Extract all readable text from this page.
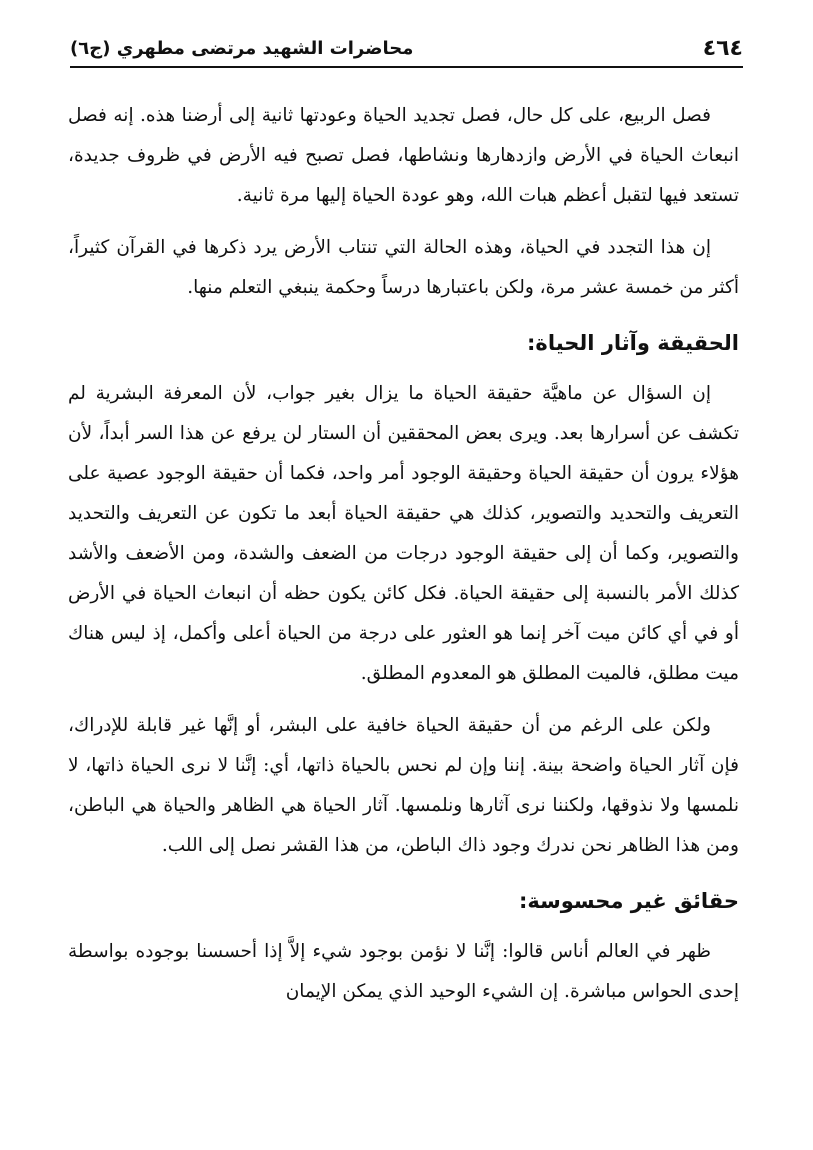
٤٦٤
محاضرات الشهيد مرتضى مطهري (ج٦)

فصل الربيع، على كل حال، فصل تجديد الحياة وعودتها ثانية إلى أرضنا هذه. إنه فصل انبعاث الحياة في الأرض وازدهارها ونشاطها، فصل تصبح فيه الأرض في ظروف جديدة، تستعد فيها لتقبل أعظم هبات الله، وهو عودة الحياة إليها مرة ثانية.

إن هذا التجدد في الحياة، وهذه الحالة التي تنتاب الأرض يرد ذكرها في القرآن كثيراً، أكثر من خمسة عشر مرة، ولكن باعتبارها درساً وحكمة ينبغي التعلم منها.

الحقيقة وآثار الحياة:

إن السؤال عن ماهيَّة حقيقة الحياة ما يزال بغير جواب، لأن المعرفة البشرية لم تكشف عن أسرارها بعد. ويرى بعض المحققين أن الستار لن يرفع عن هذا السر أبداً، لأن هؤلاء يرون أن حقيقة الحياة وحقيقة الوجود أمر واحد، فكما أن حقيقة الوجود عصية على التعريف والتحديد والتصوير، كذلك هي حقيقة الحياة أبعد ما تكون عن التعريف والتحديد والتصوير، وكما أن إلى حقيقة الوجود درجات من الضعف والشدة، ومن الأضعف والأشد كذلك الأمر بالنسبة إلى حقيقة الحياة. فكل كائن يكون حظه أن انبعاث الحياة في الأرض أو في أي كائن ميت آخر إنما هو العثور على درجة من الحياة أعلى وأكمل، إذ ليس هناك ميت مطلق، فالميت المطلق هو المعدوم المطلق.

ولكن على الرغم من أن حقيقة الحياة خافية على البشر، أو إنَّها غير قابلة للإدراك، فإن آثار الحياة واضحة بينة. إننا وإن لم نحس بالحياة ذاتها، أي: إنَّنا لا نرى الحياة ذاتها، لا نلمسها ولا نذوقها، ولكننا نرى آثارها ونلمسها. آثار الحياة هي الظاهر والحياة هي الباطن، ومن هذا الظاهر نحن ندرك وجود ذاك الباطن، من هذا القشر نصل إلى اللب.

حقائق غير محسوسة:

ظهر في العالم أناس قالوا: إنَّنا لا نؤمن بوجود شيء إلاَّ إذا أحسسنا بوجوده بواسطة إحدى الحواس مباشرة. إن الشيء الوحيد الذي يمكن الإيمان
